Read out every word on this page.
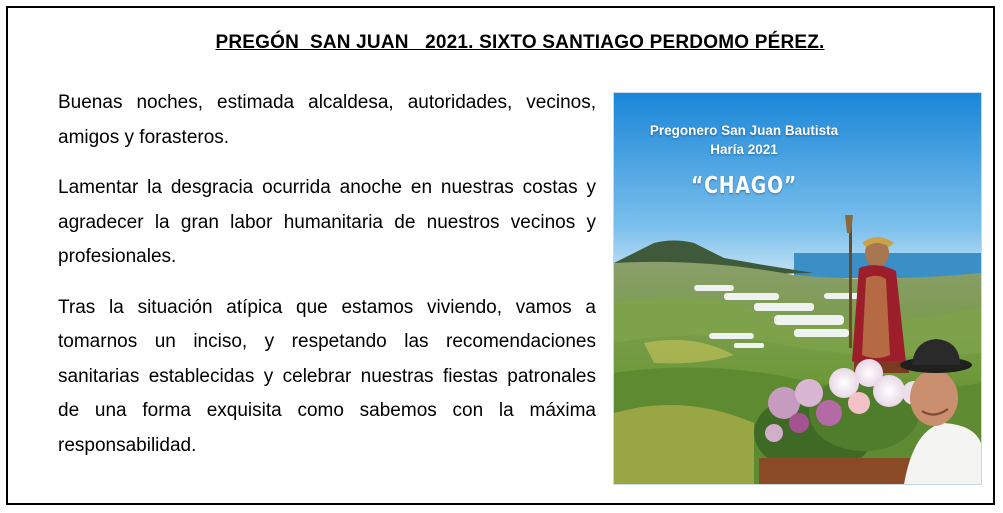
PREGÓN  SAN JUAN   2021. SIXTO SANTIAGO PERDOMO PÉREZ.

Buenas noches, estimada alcaldesa, autoridades, vecinos, amigos y forasteros.

Lamentar la desgracia ocurrida anoche en nuestras costas y agradecer la gran labor humanitaria de nuestros vecinos y profesionales.

Tras la situación atípica que estamos viviendo, vamos a tomarnos un inciso, y respetando las recomendaciones sanitarias establecidas y celebrar nuestras fiestas patronales de una forma exquisita como sabemos con la máxima responsabilidad.

Pregonero San Juan Bautista
Haría 2021
“CHAGO”
